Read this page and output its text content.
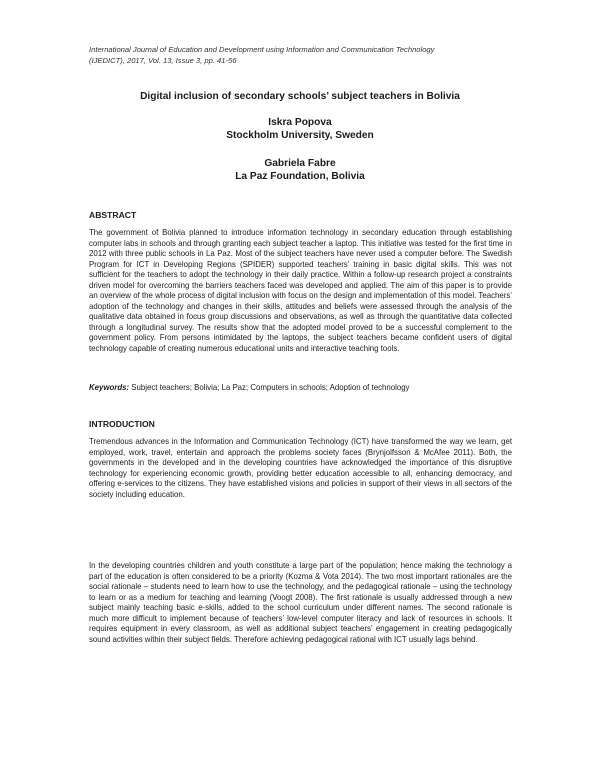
International Journal of Education and Development using Information and Communication Technology
(IJEDICT), 2017, Vol. 13, Issue 3, pp. 41-56
Digital inclusion of secondary schools’ subject teachers in Bolivia
Iskra Popova
Stockholm University, Sweden
Gabriela Fabre
La Paz Foundation, Bolivia
ABSTRACT

The government of Bolivia planned to introduce information technology in secondary education through establishing computer labs in schools and through granting each subject teacher a laptop. This initiative was tested for the first time in 2012 with three public schools in La Paz. Most of the subject teachers have never used a computer before. The Swedish Program for ICT in Developing Regions (SPIDER) supported teachers’ training in basic digital skills. This was not sufficient for the teachers to adopt the technology in their daily practice. Within a follow-up research project a constraints driven model for overcoming the barriers teachers faced was developed and applied. The aim of this paper is to provide an overview of the whole process of digital inclusion with focus on the design and implementation of this model. Teachers’ adoption of the technology and changes in their skills, attitudes and beliefs were assessed through the analysis of the qualitative data obtained in focus group discussions and observations, as well as through the quantitative data collected through a longitudinal survey. The results show that the adopted model proved to be a successful complement to the government policy. From persons intimidated by the laptops, the subject teachers became confident users of digital technology capable of creating numerous educational units and interactive teaching tools.

Keywords: Subject teachers; Bolivia; La Paz; Computers in schools; Adoption of technology

INTRODUCTION

Tremendous advances in the Information and Communication Technology (ICT) have transformed the way we learn, get employed, work, travel, entertain and approach the problems society faces (Brynjolfsson & McAfee 2011). Both, the governments in the developed and in the developing countries have acknowledged the importance of this disruptive technology for experiencing economic growth, providing better education accessible to all, enhancing democracy, and offering e-services to the citizens. They have established visions and policies in support of their views in all sectors of the society including education.

In the developing countries children and youth constitute a large part of the population; hence making the technology a part of the education is often considered to be a priority (Kozma & Vota 2014). The two most important rationales are the social rationale – students need to learn how to use the technology, and the pedagogical rationale – using the technology to learn or as a medium for teaching and learning (Voogt 2008). The first rationale is usually addressed through a new subject mainly teaching basic e-skills, added to the school curriculum under different names. The second rationale is much more difficult to implement because of teachers’ low-level computer literacy and lack of resources in schools. It requires equipment in every classroom, as well as additional subject teachers’ engagement in creating pedagogically sound activities within their subject fields. Therefore achieving pedagogical rational with ICT usually lags behind.
